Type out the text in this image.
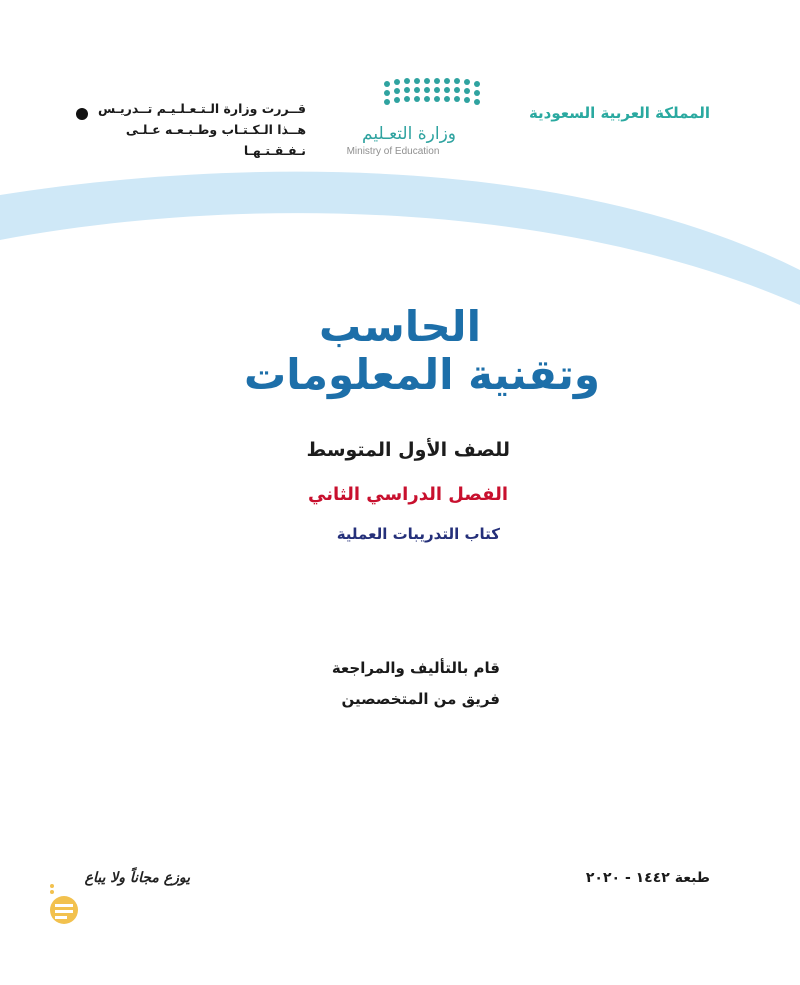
المملكة العربية السعودية
وزارة التعـليم
Ministry of Education
قــررت وزارة الـتـعـلـيـم تــدريـس
هــذا الـكـتـاب وطـبـعـه عـلـى نـفـقـتـهـا
الحاسب
وتقنية المعلومات
للصف الأول المتوسط
الفصل الدراسي الثاني
كتاب التدريبات العملية
قام بالتأليف والمراجعة
فريق من المتخصصين
طبعة ١٤٤٢ - ٢٠٢٠
يوزع مجاناً ولا يباع
